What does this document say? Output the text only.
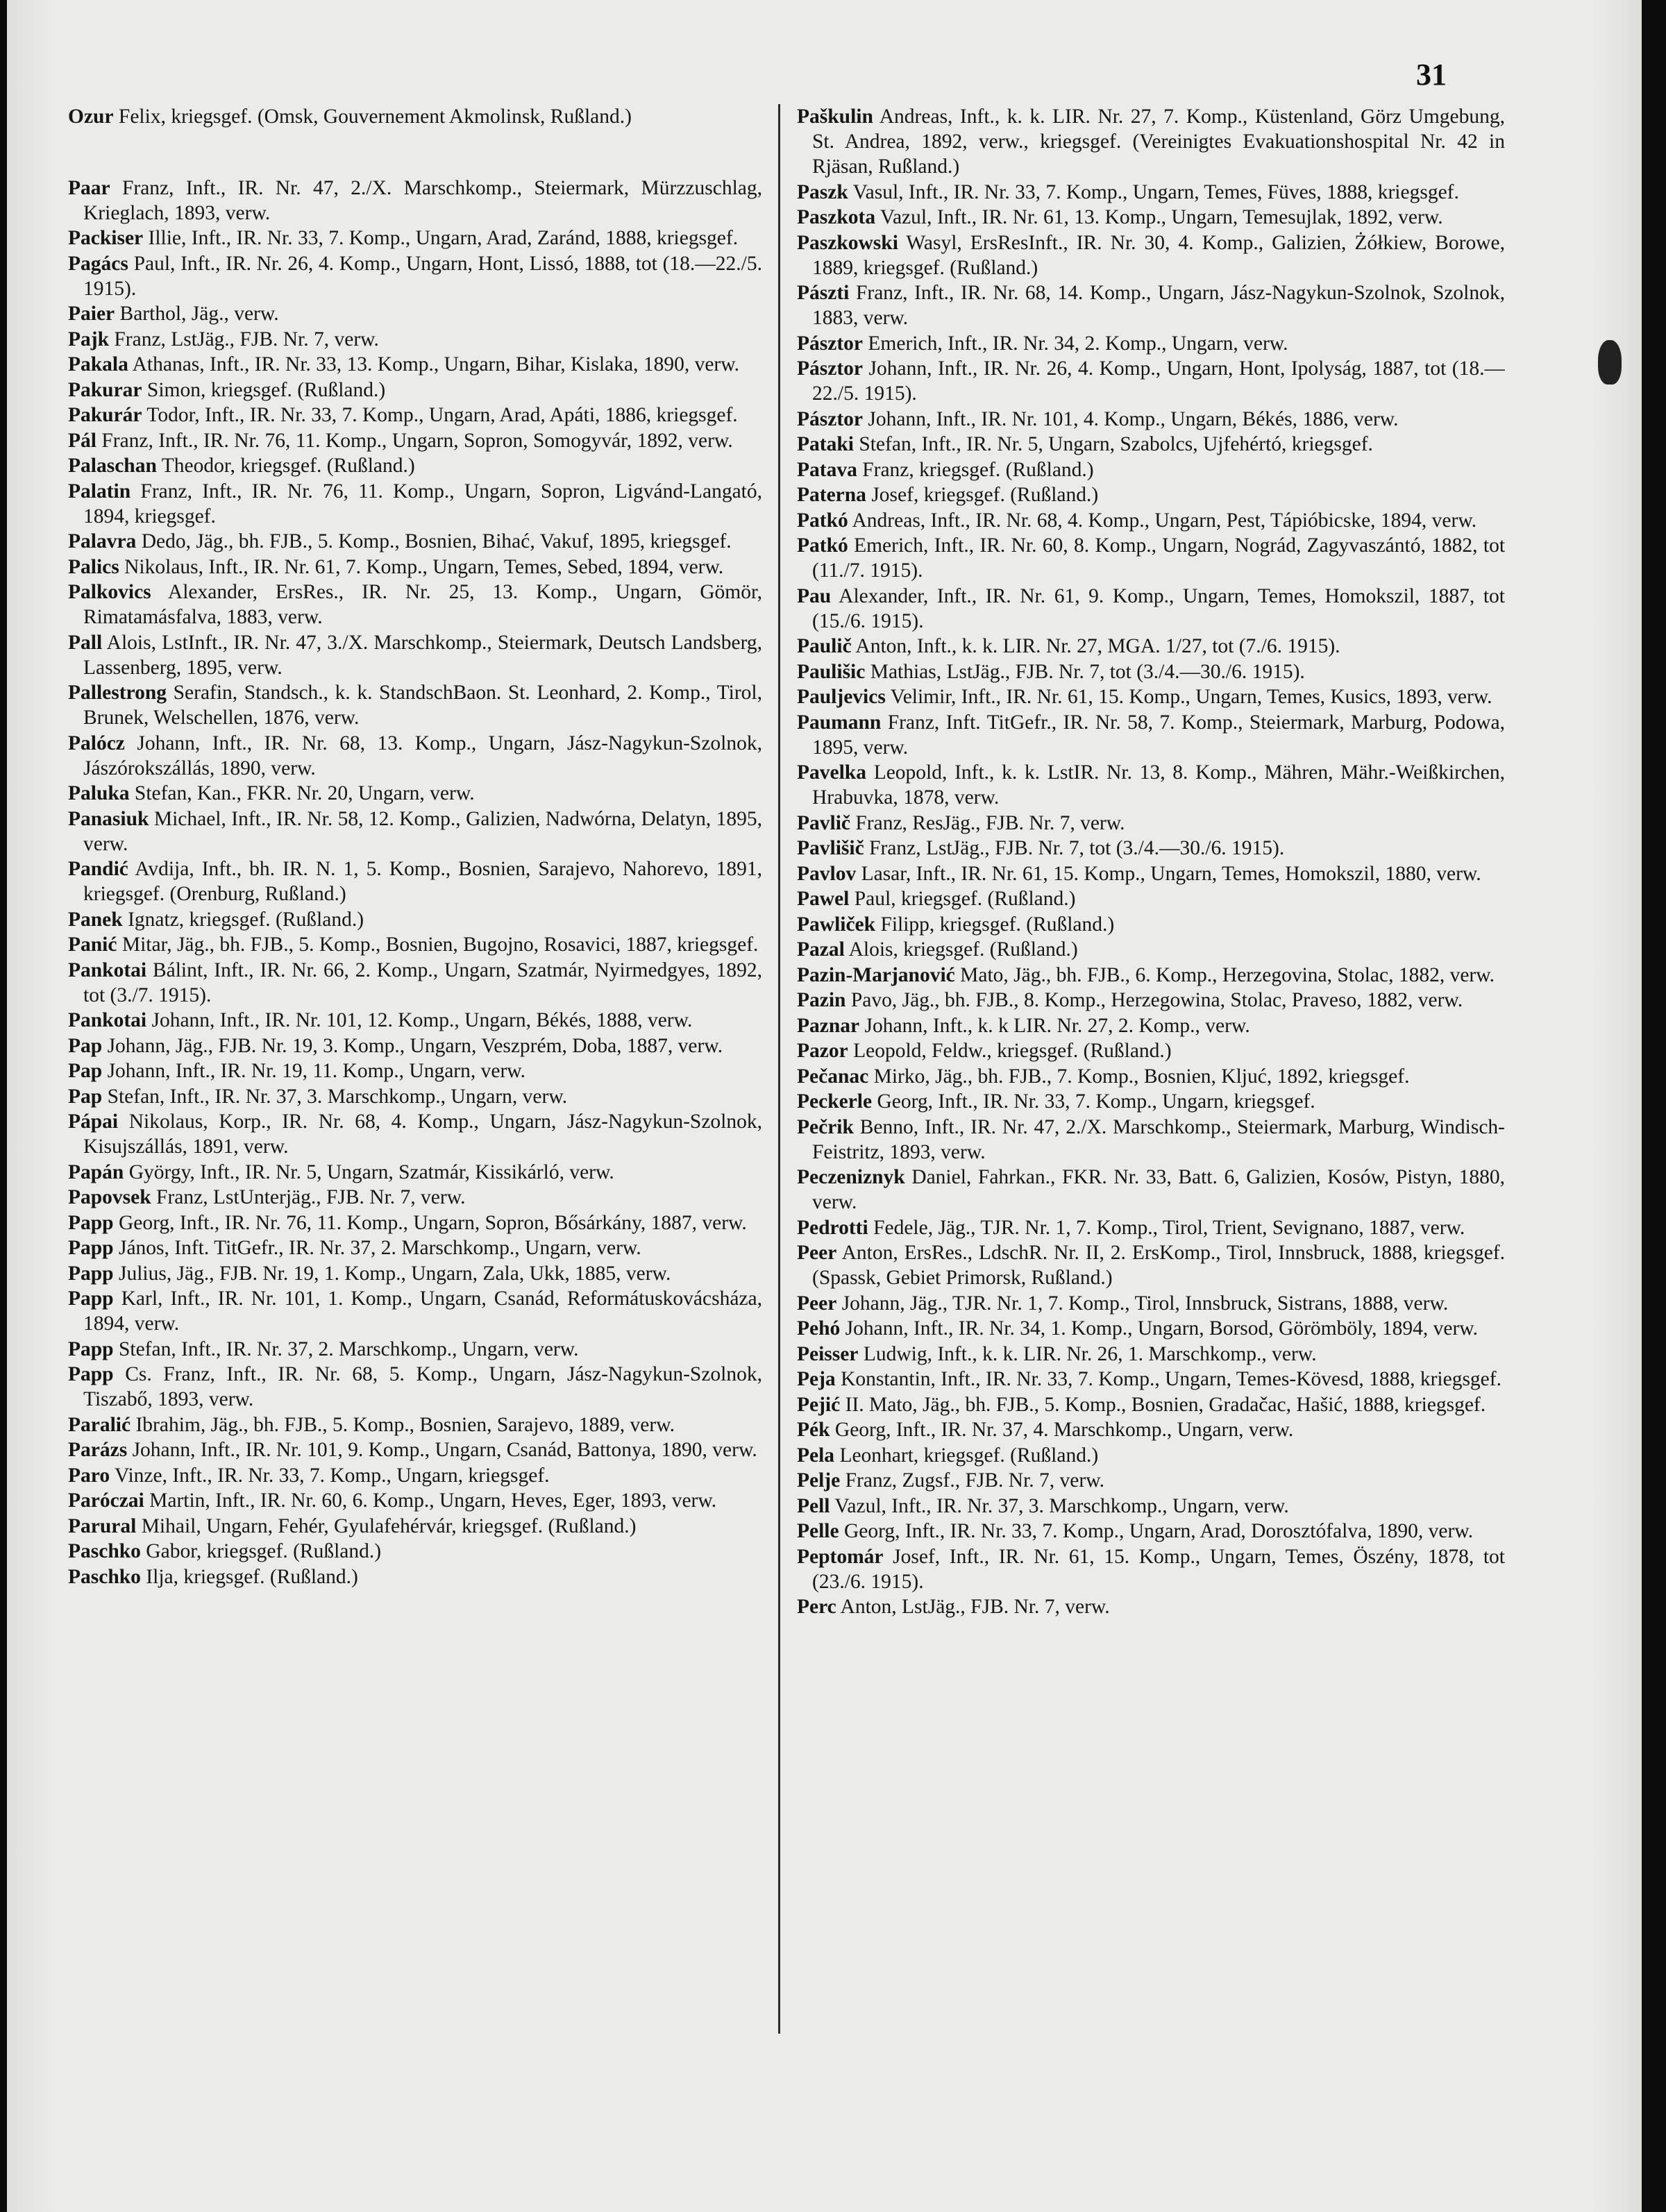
31
Ozur Felix, kriegsgef. (Omsk, Gouvernement Akmolinsk, Rußland.)
Paar Franz, Inft., IR. Nr. 47, 2./X. Marschkomp., Steiermark, Mürzzuschlag, Krieglach, 1893, verw.
Packiser Illie, Inft., IR. Nr. 33, 7. Komp., Ungarn, Arad, Zaránd, 1888, kriegsgef.
Pagács Paul, Inft., IR. Nr. 26, 4. Komp., Ungarn, Hont, Lissó, 1888, tot (18.—22./5. 1915).
Paier Barthol, Jäg., verw.
Pajk Franz, LstJäg., FJB. Nr. 7, verw.
Pakala Athanas, Inft., IR. Nr. 33, 13. Komp., Ungarn, Bihar, Kislaka, 1890, verw.
Pakurar Simon, kriegsgef. (Rußland.)
Pakurár Todor, Inft., IR. Nr. 33, 7. Komp., Ungarn, Arad, Apáti, 1886, kriegsgef.
Pál Franz, Inft., IR. Nr. 76, 11. Komp., Ungarn, Sopron, Somogyvár, 1892, verw.
Palaschan Theodor, kriegsgef. (Rußland.)
Palatin Franz, Inft., IR. Nr. 76, 11. Komp., Ungarn, Sopron, Ligvánd-Langató, 1894, kriegsgef.
Palavra Dedo, Jäg., bh. FJB., 5. Komp., Bosnien, Bihać, Vakuf, 1895, kriegsgef.
Palics Nikolaus, Inft., IR. Nr. 61, 7. Komp., Ungarn, Temes, Sebed, 1894, verw.
Palkovics Alexander, ErsRes., IR. Nr. 25, 13. Komp., Ungarn, Gömör, Rimatamásfalva, 1883, verw.
Pall Alois, LstInft., IR. Nr. 47, 3./X. Marschkomp., Steiermark, Deutsch Landsberg, Lassenberg, 1895, verw.
Pallestrong Serafin, Standsch., k. k. StandschBaon. St. Leonhard, 2. Komp., Tirol, Brunek, Welschellen, 1876, verw.
Palócz Johann, Inft., IR. Nr. 68, 13. Komp., Ungarn, Jász-Nagykun-Szolnok, Jászórokszállás, 1890, verw.
Paluka Stefan, Kan., FKR. Nr. 20, Ungarn, verw.
Panasiuk Michael, Inft., IR. Nr. 58, 12. Komp., Galizien, Nadwórna, Delatyn, 1895, verw.
Pandić Avdija, Inft., bh. IR. N. 1, 5. Komp., Bosnien, Sarajevo, Nahorevo, 1891, kriegsgef. (Orenburg, Rußland.)
Panek Ignatz, kriegsgef. (Rußland.)
Panić Mitar, Jäg., bh. FJB., 5. Komp., Bosnien, Bugojno, Rosavici, 1887, kriegsgef.
Pankotai Bálint, Inft., IR. Nr. 66, 2. Komp., Ungarn, Szatmár, Nyirmedgyes, 1892, tot (3./7. 1915).
Pankotai Johann, Inft., IR. Nr. 101, 12. Komp., Ungarn, Békés, 1888, verw.
Pap Johann, Jäg., FJB. Nr. 19, 3. Komp., Ungarn, Veszprém, Doba, 1887, verw.
Pap Johann, Inft., IR. Nr. 19, 11. Komp., Ungarn, verw.
Pap Stefan, Inft., IR. Nr. 37, 3. Marschkomp., Ungarn, verw.
Pápai Nikolaus, Korp., IR. Nr. 68, 4. Komp., Ungarn, Jász-Nagykun-Szolnok, Kisujszállás, 1891, verw.
Papán György, Inft., IR. Nr. 5, Ungarn, Szatmár, Kissikárló, verw.
Papovsek Franz, LstUnterjäg., FJB. Nr. 7, verw.
Papp Georg, Inft., IR. Nr. 76, 11. Komp., Ungarn, Sopron, Bősárkány, 1887, verw.
Papp János, Inft. TitGefr., IR. Nr. 37, 2. Marschkomp., Ungarn, verw.
Papp Julius, Jäg., FJB. Nr. 19, 1. Komp., Ungarn, Zala, Ukk, 1885, verw.
Papp Karl, Inft., IR. Nr. 101, 1. Komp., Ungarn, Csanád, Reformátuskovácsháza, 1894, verw.
Papp Stefan, Inft., IR. Nr. 37, 2. Marschkomp., Ungarn, verw.
Papp Cs. Franz, Inft., IR. Nr. 68, 5. Komp., Ungarn, Jász-Nagykun-Szolnok, Tiszabő, 1893, verw.
Paralić Ibrahim, Jäg., bh. FJB., 5. Komp., Bosnien, Sarajevo, 1889, verw.
Parázs Johann, Inft., IR. Nr. 101, 9. Komp., Ungarn, Csanád, Battonya, 1890, verw.
Paro Vinze, Inft., IR. Nr. 33, 7. Komp., Ungarn, kriegsgef.
Paróczai Martin, Inft., IR. Nr. 60, 6. Komp., Ungarn, Heves, Eger, 1893, verw.
Parural Mihail, Ungarn, Fehér, Gyulafehérvár, kriegsgef. (Rußland.)
Paschko Gabor, kriegsgef. (Rußland.)
Paschko Ilja, kriegsgef. (Rußland.)
Paškulin Andreas, Inft., k. k. LIR. Nr. 27, 7. Komp., Küstenland, Görz Umgebung, St. Andrea, 1892, verw., kriegsgef. (Vereinigtes Evakuationshospital Nr. 42 in Rjäsan, Rußland.)
Paszk Vasul, Inft., IR. Nr. 33, 7. Komp., Ungarn, Temes, Füves, 1888, kriegsgef.
Paszkota Vazul, Inft., IR. Nr. 61, 13. Komp., Ungarn, Temesujlak, 1892, verw.
Paszkowski Wasyl, ErsResInft., IR. Nr. 30, 4. Komp., Galizien, Żółkiew, Borowe, 1889, kriegsgef. (Rußland.)
Pászti Franz, Inft., IR. Nr. 68, 14. Komp., Ungarn, Jász-Nagykun-Szolnok, Szolnok, 1883, verw.
Pásztor Emerich, Inft., IR. Nr. 34, 2. Komp., Ungarn, verw.
Pásztor Johann, Inft., IR. Nr. 26, 4. Komp., Ungarn, Hont, Ipolyság, 1887, tot (18.—22./5. 1915).
Pásztor Johann, Inft., IR. Nr. 101, 4. Komp., Ungarn, Békés, 1886, verw.
Pataki Stefan, Inft., IR. Nr. 5, Ungarn, Szabolcs, Ujfehértó, kriegsgef.
Patava Franz, kriegsgef. (Rußland.)
Paterna Josef, kriegsgef. (Rußland.)
Patkó Andreas, Inft., IR. Nr. 68, 4. Komp., Ungarn, Pest, Tápióbicske, 1894, verw.
Patkó Emerich, Inft., IR. Nr. 60, 8. Komp., Ungarn, Nográd, Zagyvaszántó, 1882, tot (11./7. 1915).
Pau Alexander, Inft., IR. Nr. 61, 9. Komp., Ungarn, Temes, Homokszil, 1887, tot (15./6. 1915).
Paulič Anton, Inft., k. k. LIR. Nr. 27, MGA. 1/27, tot (7./6. 1915).
Paulišic Mathias, LstJäg., FJB. Nr. 7, tot (3./4.—30./6. 1915).
Pauljevics Velimir, Inft., IR. Nr. 61, 15. Komp., Ungarn, Temes, Kusics, 1893, verw.
Paumann Franz, Inft. TitGefr., IR. Nr. 58, 7. Komp., Steiermark, Marburg, Podowa, 1895, verw.
Pavelka Leopold, Inft., k. k. LstIR. Nr. 13, 8. Komp., Mähren, Mähr.-Weißkirchen, Hrabuvka, 1878, verw.
Pavlič Franz, ResJäg., FJB. Nr. 7, verw.
Pavlišič Franz, LstJäg., FJB. Nr. 7, tot (3./4.—30./6. 1915).
Pavlov Lasar, Inft., IR. Nr. 61, 15. Komp., Ungarn, Temes, Homokszil, 1880, verw.
Pawel Paul, kriegsgef. (Rußland.)
Pawliček Filipp, kriegsgef. (Rußland.)
Pazal Alois, kriegsgef. (Rußland.)
Pazin-Marjanović Mato, Jäg., bh. FJB., 6. Komp., Herzegovina, Stolac, 1882, verw.
Pazin Pavo, Jäg., bh. FJB., 8. Komp., Herzegowina, Stolac, Praveso, 1882, verw.
Paznar Johann, Inft., k. k LIR. Nr. 27, 2. Komp., verw.
Pazor Leopold, Feldw., kriegsgef. (Rußland.)
Pečanac Mirko, Jäg., bh. FJB., 7. Komp., Bosnien, Kljuć, 1892, kriegsgef.
Peckerle Georg, Inft., IR. Nr. 33, 7. Komp., Ungarn, kriegsgef.
Pečrik Benno, Inft., IR. Nr. 47, 2./X. Marschkomp., Steiermark, Marburg, Windisch-Feistritz, 1893, verw.
Peczeniznyk Daniel, Fahrkan., FKR. Nr. 33, Batt. 6, Galizien, Kosów, Pistyn, 1880, verw.
Pedrotti Fedele, Jäg., TJR. Nr. 1, 7. Komp., Tirol, Trient, Sevignano, 1887, verw.
Peer Anton, ErsRes., LdschR. Nr. II, 2. ErsKomp., Tirol, Innsbruck, 1888, kriegsgef. (Spassk, Gebiet Primorsk, Rußland.)
Peer Johann, Jäg., TJR. Nr. 1, 7. Komp., Tirol, Innsbruck, Sistrans, 1888, verw.
Pehó Johann, Inft., IR. Nr. 34, 1. Komp., Ungarn, Borsod, Görömböly, 1894, verw.
Peisser Ludwig, Inft., k. k. LIR. Nr. 26, 1. Marschkomp., verw.
Peja Konstantin, Inft., IR. Nr. 33, 7. Komp., Ungarn, Temes-Kövesd, 1888, kriegsgef.
Pejić II. Mato, Jäg., bh. FJB., 5. Komp., Bosnien, Gradačac, Hašić, 1888, kriegsgef.
Pék Georg, Inft., IR. Nr. 37, 4. Marschkomp., Ungarn, verw.
Pela Leonhart, kriegsgef. (Rußland.)
Pelje Franz, Zugsf., FJB. Nr. 7, verw.
Pell Vazul, Inft., IR. Nr. 37, 3. Marschkomp., Ungarn, verw.
Pelle Georg, Inft., IR. Nr. 33, 7. Komp., Ungarn, Arad, Dorosztófalva, 1890, verw.
Peptomár Josef, Inft., IR. Nr. 61, 15. Komp., Ungarn, Temes, Öszény, 1878, tot (23./6. 1915).
Perc Anton, LstJäg., FJB. Nr. 7, verw.
